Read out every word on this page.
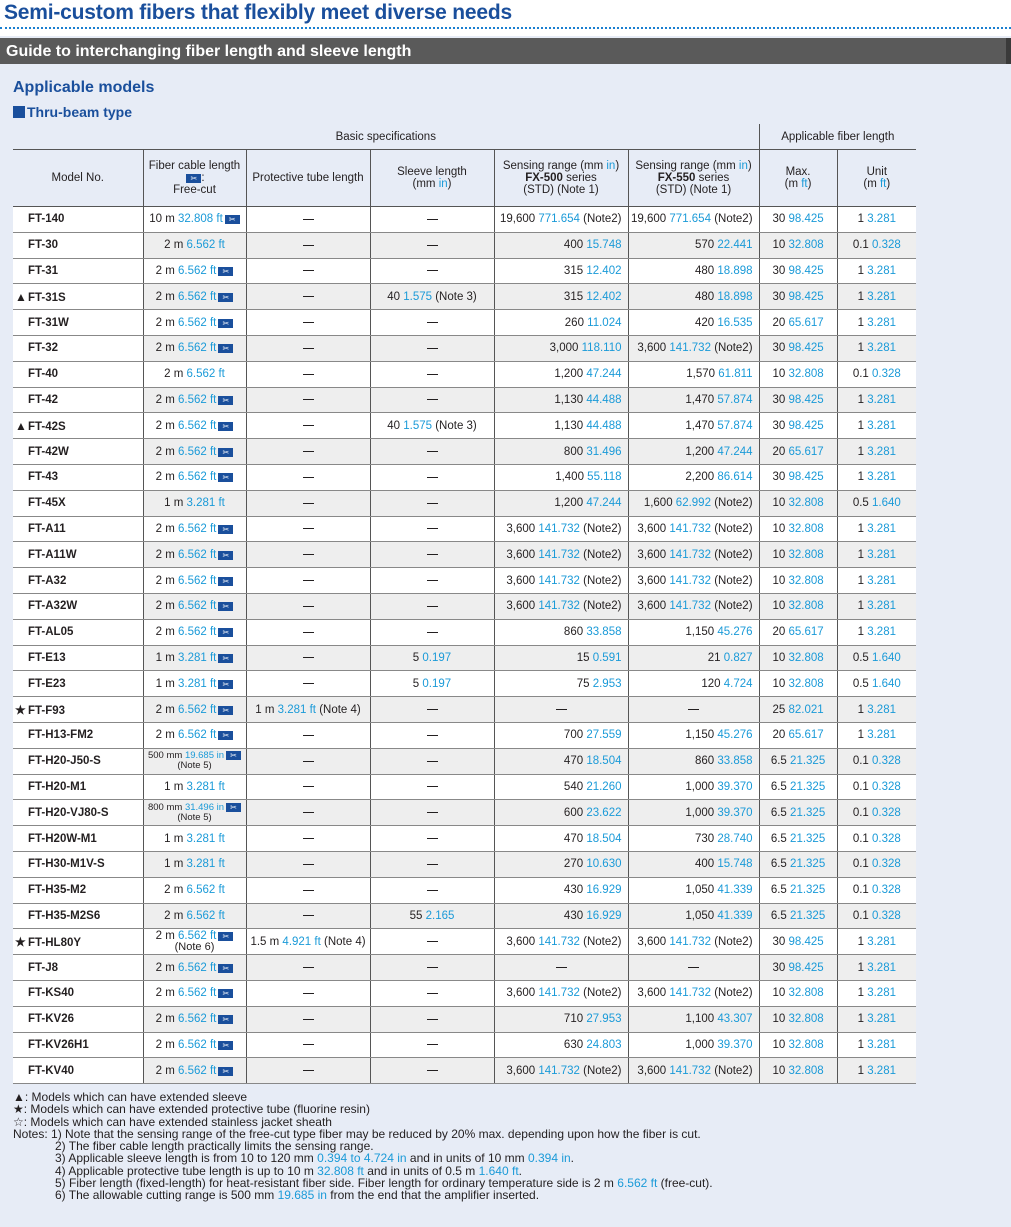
Semi-custom fibers that flexibly meet diverse needs
Guide to interchanging fiber length and sleeve length
Applicable models
Thru-beam type
Basic specifications						Applicable fiber length	
Model No.	Fiber cable length
✂ :
Free-cut	Protective tube length	Sleeve length
(mm in)	Sensing range (mm in)
FX-500 series
(STD) (Note 1)	Sensing range (mm in)
FX-550 series
(STD) (Note 1)	Max.
(m ft)	Unit
(m ft)
FT-140	10 m 32.808 ft ✂			19,600 771.654 (Note2)	19,600 771.654 (Note2)	30 98.425	1 3.281
FT-30	2 m 6.562 ft			400 15.748	570 22.441	10 32.808	0.1 0.328
FT-31	2 m 6.562 ft ✂			315 12.402	480 18.898	30 98.425	1 3.281
▲FT-31S	2 m 6.562 ft ✂		40 1.575 (Note 3)	315 12.402	480 18.898	30 98.425	1 3.281
FT-31W	2 m 6.562 ft ✂			260 11.024	420 16.535	20 65.617	1 3.281
FT-32	2 m 6.562 ft ✂			3,000 118.110	3,600 141.732 (Note2)	30 98.425	1 3.281
FT-40	2 m 6.562 ft			1,200 47.244	1,570 61.811	10 32.808	0.1 0.328
FT-42	2 m 6.562 ft ✂			1,130 44.488	1,470 57.874	30 98.425	1 3.281
▲FT-42S	2 m 6.562 ft ✂		40 1.575 (Note 3)	1,130 44.488	1,470 57.874	30 98.425	1 3.281
FT-42W	2 m 6.562 ft ✂			800 31.496	1,200 47.244	20 65.617	1 3.281
FT-43	2 m 6.562 ft ✂			1,400 55.118	2,200 86.614	30 98.425	1 3.281
FT-45X	1 m 3.281 ft			1,200 47.244	1,600 62.992 (Note2)	10 32.808	0.5 1.640
FT-A11	2 m 6.562 ft ✂			3,600 141.732 (Note2)	3,600 141.732 (Note2)	10 32.808	1 3.281
FT-A11W	2 m 6.562 ft ✂			3,600 141.732 (Note2)	3,600 141.732 (Note2)	10 32.808	1 3.281
FT-A32	2 m 6.562 ft ✂			3,600 141.732 (Note2)	3,600 141.732 (Note2)	10 32.808	1 3.281
FT-A32W	2 m 6.562 ft ✂			3,600 141.732 (Note2)	3,600 141.732 (Note2)	10 32.808	1 3.281
FT-AL05	2 m 6.562 ft ✂			860 33.858	1,150 45.276	20 65.617	1 3.281
FT-E13	1 m 3.281 ft ✂		5 0.197	15 0.591	21 0.827	10 32.808	0.5 1.640
FT-E23	1 m 3.281 ft ✂		5 0.197	75 2.953	120 4.724	10 32.808	0.5 1.640
★ FT-F93	2 m 6.562 ft ✂	1 m 3.281 ft (Note 4)				25 82.021	1 3.281
FT-H13-FM2	2 m 6.562 ft ✂			700 27.559	1,150 45.276	20 65.617	1 3.281
FT-H20-J50-S	500 mm 19.685 in ✂
(Note 5)			470 18.504	860 33.858	6.5 21.325	0.1 0.328
FT-H20-M1	1 m 3.281 ft			540 21.260	1,000 39.370	6.5 21.325	0.1 0.328
FT-H20-VJ80-S	800 mm 31.496 in ✂
(Note 5)			600 23.622	1,000 39.370	6.5 21.325	0.1 0.328
FT-H20W-M1	1 m 3.281 ft			470 18.504	730 28.740	6.5 21.325	0.1 0.328
FT-H30-M1V-S	1 m 3.281 ft			270 10.630	400 15.748	6.5 21.325	0.1 0.328
FT-H35-M2	2 m 6.562 ft			430 16.929	1,050 41.339	6.5 21.325	0.1 0.328
FT-H35-M2S6	2 m 6.562 ft		55 2.165	430 16.929	1,050 41.339	6.5 21.325	0.1 0.328
★ FT-HL80Y	2 m 6.562 ft ✂
(Note 6)	1.5 m 4.921 ft (Note 4)		3,600 141.732 (Note2)	3,600 141.732 (Note2)	30 98.425	1 3.281
FT-J8	2 m 6.562 ft ✂					30 98.425	1 3.281
FT-KS40	2 m 6.562 ft ✂			3,600 141.732 (Note2)	3,600 141.732 (Note2)	10 32.808	1 3.281
FT-KV26	2 m 6.562 ft ✂			710 27.953	1,100 43.307	10 32.808	1 3.281
FT-KV26H1	2 m 6.562 ft ✂			630 24.803	1,000 39.370	10 32.808	1 3.281
FT-KV40	2 m 6.562 ft ✂			3,600 141.732 (Note2)	3,600 141.732 (Note2)	10 32.808	1 3.281
▲: Models which can have extended sleeve
★: Models which can have extended protective tube (fluorine resin)
☆: Models which can have extended stainless jacket sheath
Notes: 1) Note that the sensing range of the free-cut type fiber may be reduced by 20% max. depending upon how the fiber is cut.
2) The fiber cable length practically limits the sensing range.
3) Applicable sleeve length is from 10 to 120 mm 0.394 to 4.724 in and in units of 10 mm 0.394 in.
4) Applicable protective tube length is up to 10 m 32.808 ft and in units of 0.5 m 1.640 ft.
5) Fiber length (fixed-length) for heat-resistant fiber side. Fiber length for ordinary temperature side is 2 m 6.562 ft (free-cut).
6) The allowable cutting range is 500 mm 19.685 in from the end that the amplifier inserted.
